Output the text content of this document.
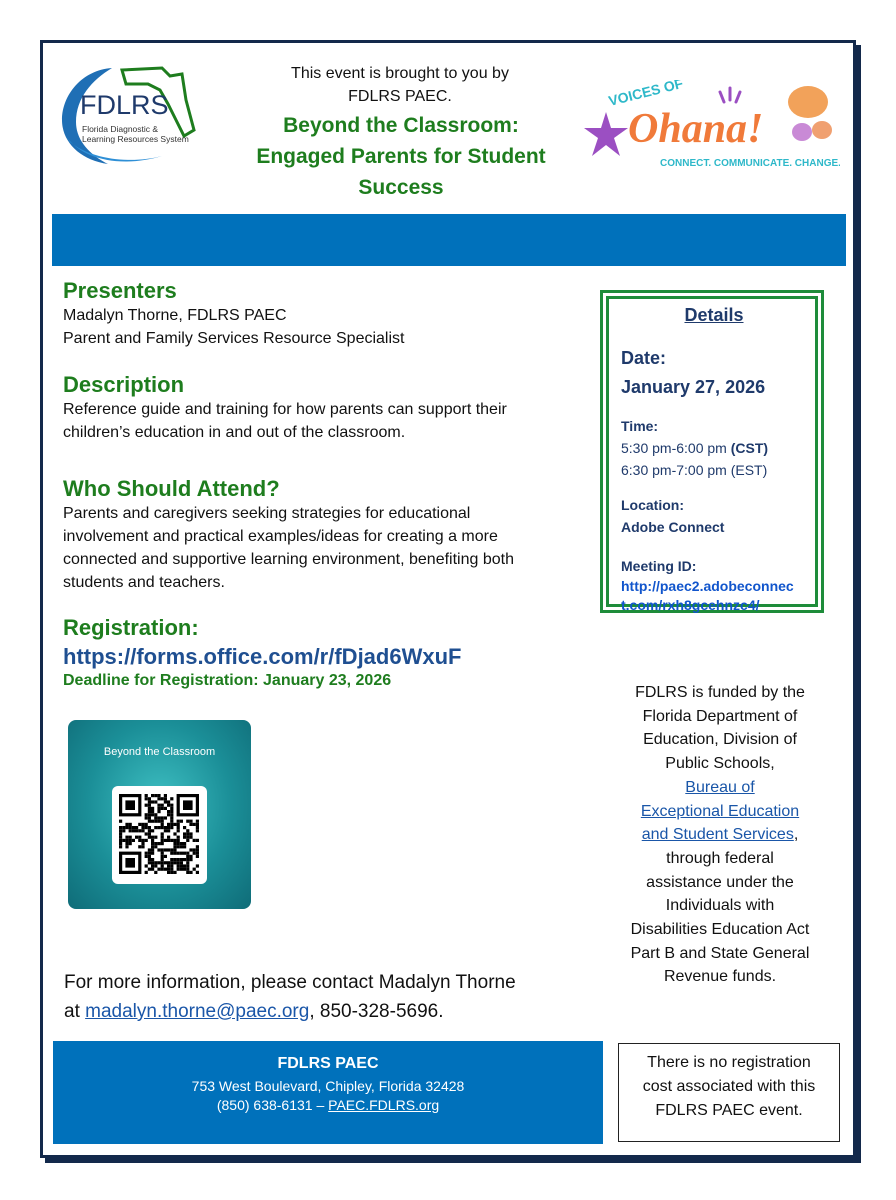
FDLRS
Florida Diagnostic &
Learning Resources System
VOICES OF
Ohana!
CONNECT. COMMUNICATE. CHANGE.
This event is brought to you by
FDLRS PAEC.
Beyond the Classroom:
Engaged Parents for Student
Success
Presenters
Madalyn Thorne, FDLRS PAEC
Parent and Family Services Resource Specialist
Description
Reference guide and training for how parents can support their
children’s education in and out of the classroom.
Who Should Attend?
Parents and caregivers seeking strategies for educational
involvement and practical examples/ideas for creating a more
connected and supportive learning environment, benefiting both
students and teachers.
Registration:
https://forms.office.com/r/fDjad6WxuF
Deadline for Registration: January 23, 2026
Beyond the Classroom
Details
Date:
January 27, 2026
Time:
5:30 pm-6:00 pm (CST)
6:30 pm-7:00 pm (EST)
Location:
Adobe Connect
Meeting ID:
http://paec2.adobeconnec
t.com/rxh8gcehnzc4/
FDLRS is funded by the
Florida Department of
Education, Division of
Public Schools,
Bureau of
Exceptional Education
and Student Services,
through federal
assistance under the
Individuals with
Disabilities Education Act
Part B and State General
Revenue funds.
For more information, please contact Madalyn Thorne
at madalyn.thorne@paec.org, 850-328-5696.
FDLRS PAEC
753 West Boulevard, Chipley, Florida 32428
(850) 638-6131 – PAEC.FDLRS.org
There is no registration
cost associated with this
FDLRS PAEC event.
